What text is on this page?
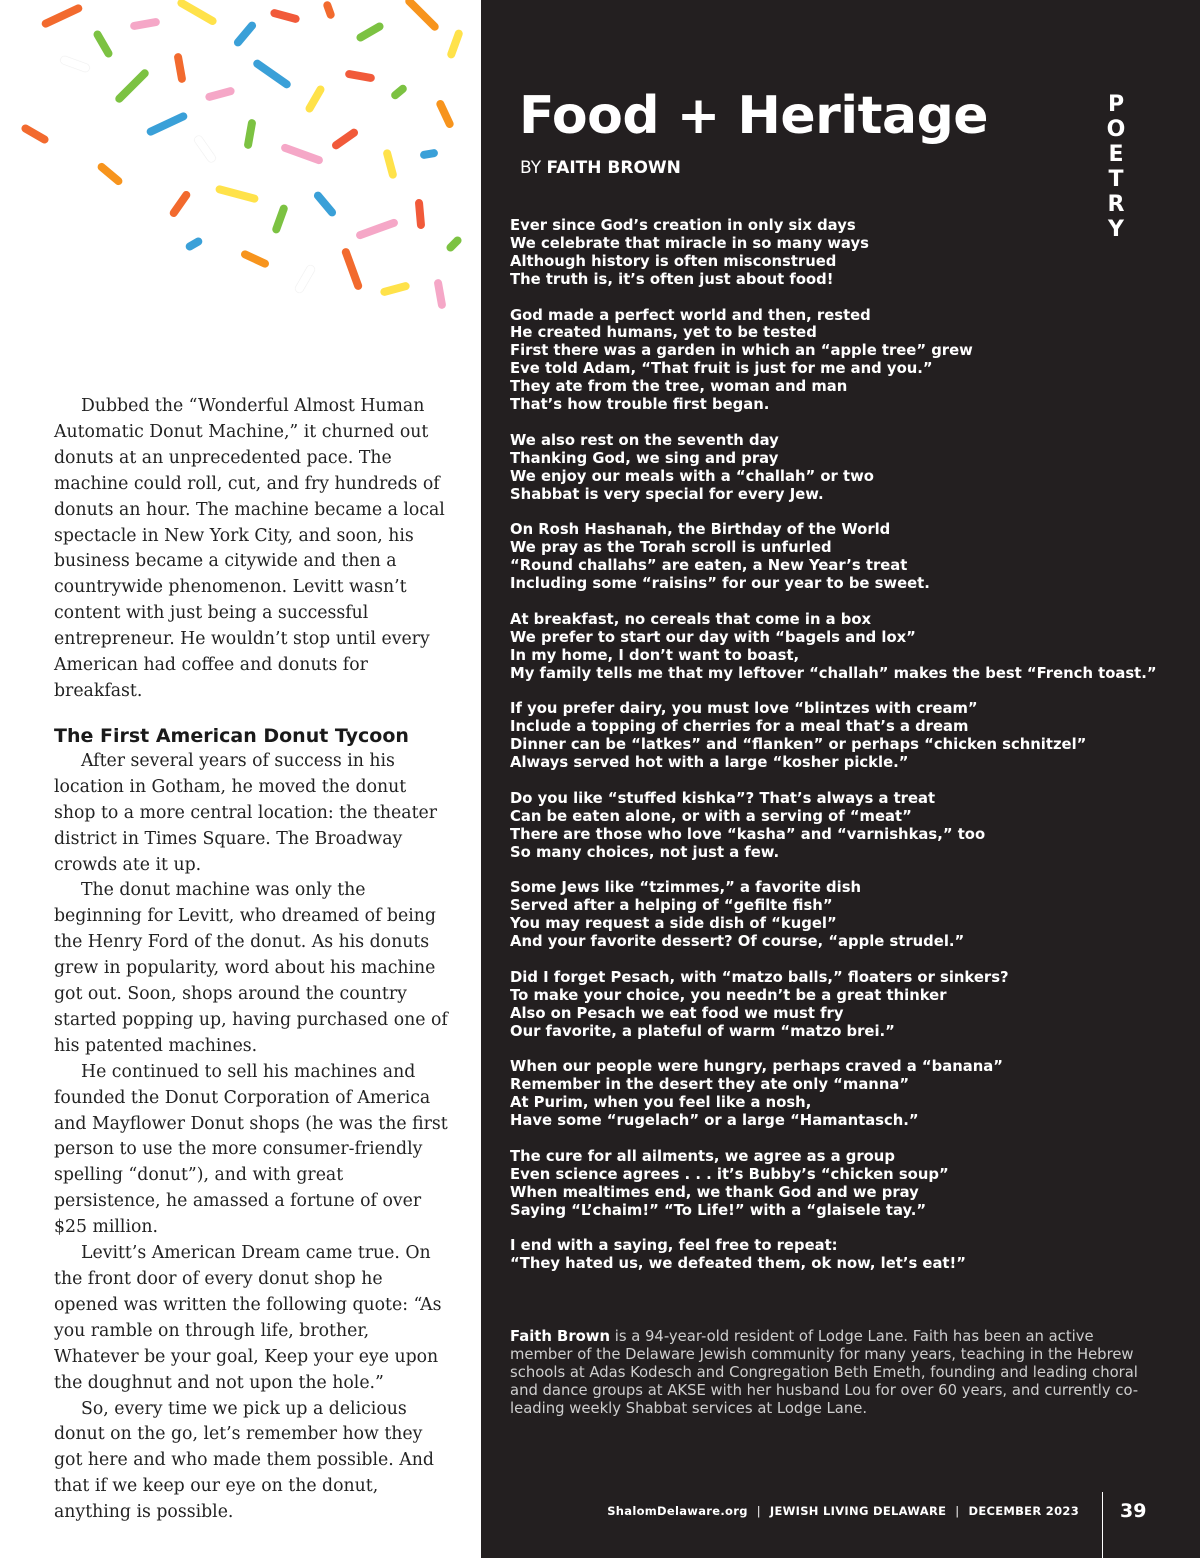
Dubbed the “Wonderful Almost Human Automatic Donut Machine,” it churned out donuts at an unprecedented pace. The machine could roll, cut, and fry hundreds of donuts an hour. The machine became a local spectacle in New York City, and soon, his business became a citywide and then a countrywide phenomenon. Levitt wasn’t content with just being a successful entrepreneur. He wouldn’t stop until every American had coffee and donuts for breakfast.

The First American Donut Tycoon

After several years of success in his location in Gotham, he moved the donut shop to a more central location: the theater district in Times Square. The Broadway crowds ate it up.

The donut machine was only the beginning for Levitt, who dreamed of being the Henry Ford of the donut. As his donuts grew in popularity, word about his machine got out. Soon, shops around the country started popping up, having purchased one of his patented machines.

He continued to sell his machines and founded the Donut Corporation of America and Mayflower Donut shops (he was the first person to use the more consumer-friendly spelling “donut”), and with great persistence, he amassed a fortune of over $25 million.

Levitt’s American Dream came true. On the front door of every donut shop he opened was written the following quote: “As you ramble on through life, brother, Whatever be your goal, Keep your eye upon the doughnut and not upon the hole.”

So, every time we pick up a delicious donut on the go, let’s remember how they got here and who made them possible. And that if we keep our eye on the donut, anything is possible.

Food + Heritage
BY FAITH BROWN
P
O
E
T
R
Y
Ever since God’s creation in only six days
We celebrate that miracle in so many ways
Although history is often misconstrued
The truth is, it’s often just about food!
God made a perfect world and then, rested
He created humans, yet to be tested
First there was a garden in which an “apple tree” grew
Eve told Adam, “That fruit is just for me and you.”
They ate from the tree, woman and man
That’s how trouble first began.
We also rest on the seventh day
Thanking God, we sing and pray
We enjoy our meals with a “challah” or two
Shabbat is very special for every Jew.
On Rosh Hashanah, the Birthday of the World
We pray as the Torah scroll is unfurled
“Round challahs” are eaten, a New Year’s treat
Including some “raisins” for our year to be sweet.
At breakfast, no cereals that come in a box
We prefer to start our day with “bagels and lox”
In my home, I don’t want to boast,
My family tells me that my leftover “challah” makes the best “French toast.”
If you prefer dairy, you must love “blintzes with cream”
Include a topping of cherries for a meal that’s a dream
Dinner can be “latkes” and “flanken” or perhaps “chicken schnitzel”
Always served hot with a large “kosher pickle.”
Do you like “stuffed kishka”? That’s always a treat
Can be eaten alone, or with a serving of “meat”
There are those who love “kasha” and “varnishkas,” too
So many choices, not just a few.
Some Jews like “tzimmes,” a favorite dish
Served after a helping of “gefilte fish”
You may request a side dish of “kugel”
And your favorite dessert? Of course, “apple strudel.”
Did I forget Pesach, with “matzo balls,” floaters or sinkers?
To make your choice, you needn’t be a great thinker
Also on Pesach we eat food we must fry
Our favorite, a plateful of warm “matzo brei.”
When our people were hungry, perhaps craved a “banana”
Remember in the desert they ate only “manna”
At Purim, when you feel like a nosh,
Have some “rugelach” or a large “Hamantasch.”
The cure for all ailments, we agree as a group
Even science agrees . . . it’s Bubby’s “chicken soup”
When mealtimes end, we thank God and we pray
Saying “L’chaim!” “To Life!” with a “glaisele tay.”
I end with a saying, feel free to repeat:
“They hated us, we defeated them, ok now, let’s eat!”
Faith Brown is a 94-year-old resident of Lodge Lane. Faith has been an active member of the Delaware Jewish community for many years, teaching in the Hebrew schools at Adas Kodesch and Congregation Beth Emeth, founding and leading choral and dance groups at AKSE with her husband Lou for over 60 years, and currently co-leading weekly Shabbat services at Lodge Lane.
ShalomDelaware.org | JEWISH LIVING DELAWARE | DECEMBER 2023 39
